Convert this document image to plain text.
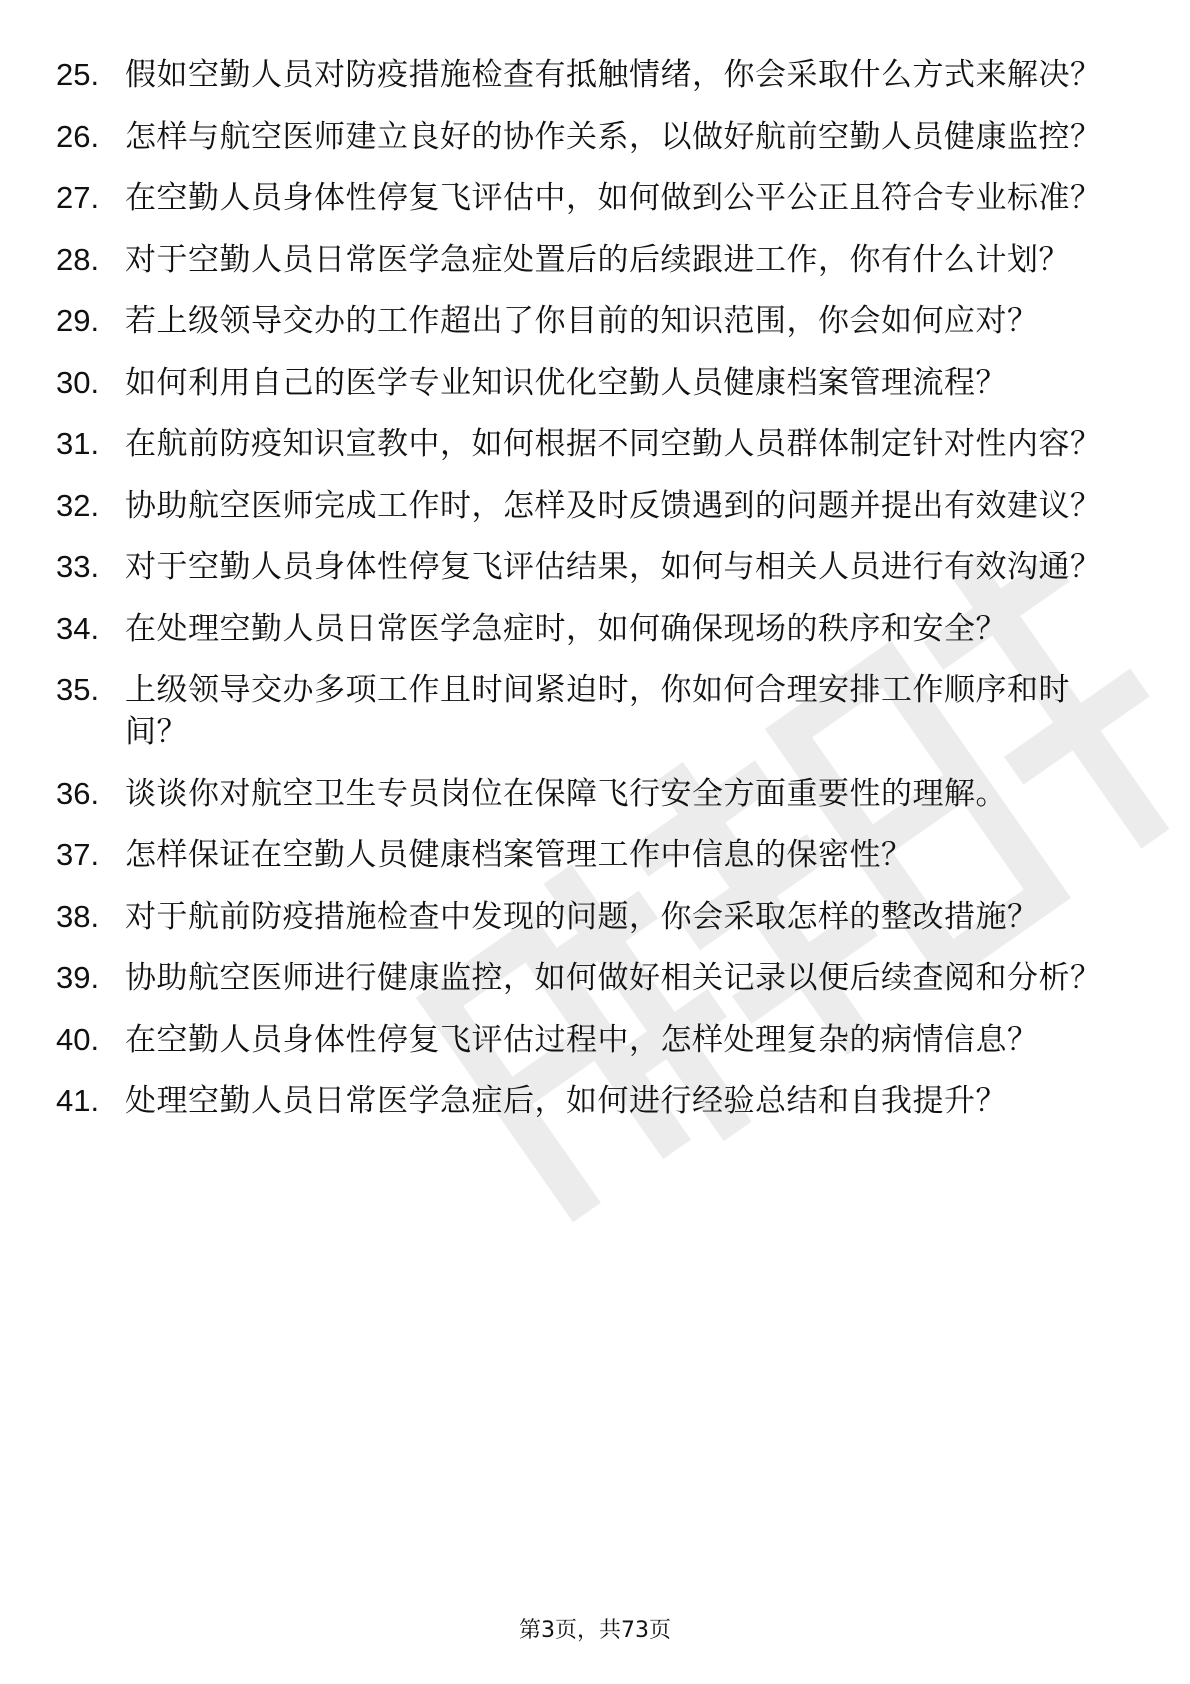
25. 假如空勤人员对防疫措施检查有抵触情绪，你会采取什么方式来解决？
26. 怎样与航空医师建立良好的协作关系，以做好航前空勤人员健康监控？
27. 在空勤人员身体性停复飞评估中，如何做到公平公正且符合专业标准？
28. 对于空勤人员日常医学急症处置后的后续跟进工作，你有什么计划？
29. 若上级领导交办的工作超出了你目前的知识范围，你会如何应对？
30. 如何利用自己的医学专业知识优化空勤人员健康档案管理流程？
31. 在航前防疫知识宣教中，如何根据不同空勤人员群体制定针对性内容？
32. 协助航空医师完成工作时，怎样及时反馈遇到的问题并提出有效建议？
33. 对于空勤人员身体性停复飞评估结果，如何与相关人员进行有效沟通？
34. 在处理空勤人员日常医学急症时，如何确保现场的秩序和安全？
35. 上级领导交办多项工作且时间紧迫时，你如何合理安排工作顺序和时间？
36. 谈谈你对航空卫生专员岗位在保障飞行安全方面重要性的理解。
37. 怎样保证在空勤人员健康档案管理工作中信息的保密性？
38. 对于航前防疫措施检查中发现的问题，你会采取怎样的整改措施？
39. 协助航空医师进行健康监控，如何做好相关记录以便后续查阅和分析？
40. 在空勤人员身体性停复飞评估过程中，怎样处理复杂的病情信息？
41. 处理空勤人员日常医学急症后，如何进行经验总结和自我提升？
第3页，共73页
